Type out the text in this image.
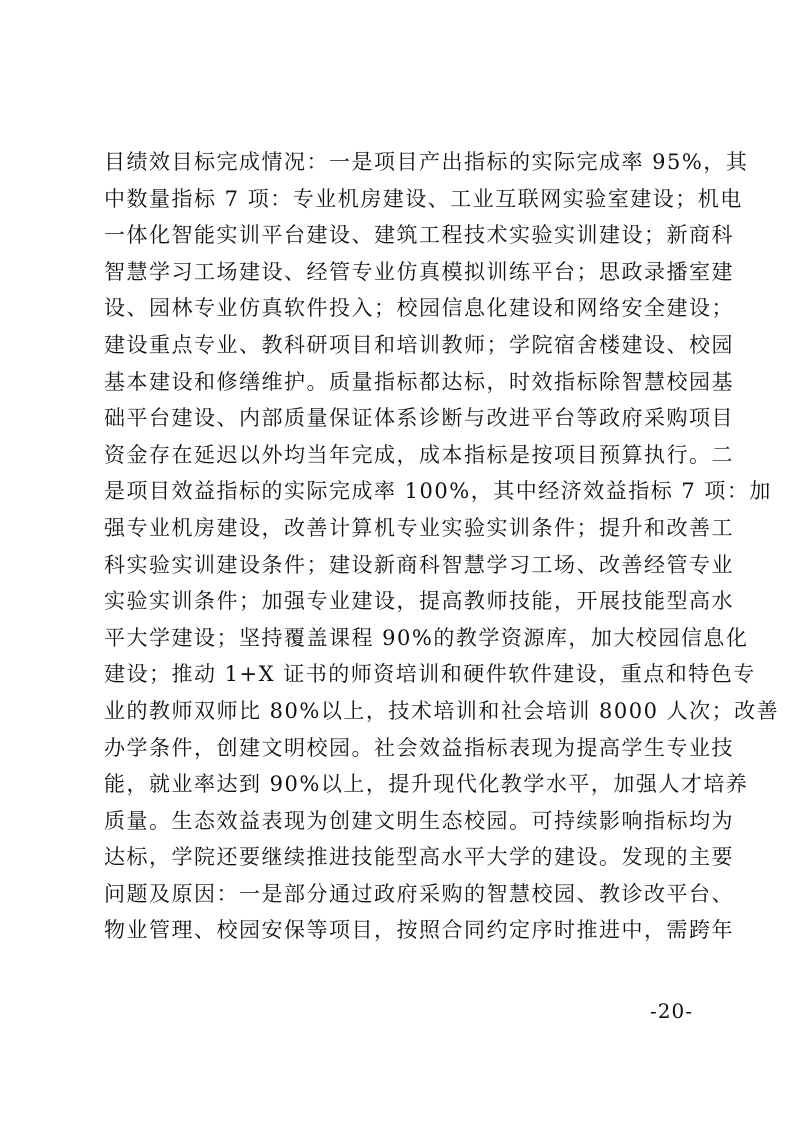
目绩效目标完成情况：一是项目产出指标的实际完成率 95%，其
中数量指标 7 项：专业机房建设、工业互联网实验室建设；机电
一体化智能实训平台建设、建筑工程技术实验实训建设；新商科
智慧学习工场建设、经管专业仿真模拟训练平台；思政录播室建
设、园林专业仿真软件投入；校园信息化建设和网络安全建设；
建设重点专业、教科研项目和培训教师；学院宿舍楼建设、校园
基本建设和修缮维护。质量指标都达标，时效指标除智慧校园基
础平台建设、内部质量保证体系诊断与改进平台等政府采购项目
资金存在延迟以外均当年完成，成本指标是按项目预算执行。二
是项目效益指标的实际完成率 100%，其中经济效益指标 7 项：加
强专业机房建设，改善计算机专业实验实训条件；提升和改善工
科实验实训建设条件；建设新商科智慧学习工场、改善经管专业
实验实训条件；加强专业建设，提高教师技能，开展技能型高水
平大学建设；坚持覆盖课程 90%的教学资源库，加大校园信息化
建设；推动 1+X 证书的师资培训和硬件软件建设，重点和特色专
业的教师双师比 80%以上，技术培训和社会培训 8000 人次；改善
办学条件，创建文明校园。社会效益指标表现为提高学生专业技
能，就业率达到 90%以上，提升现代化教学水平，加强人才培养
质量。生态效益表现为创建文明生态校园。可持续影响指标均为
达标，学院还要继续推进技能型高水平大学的建设。发现的主要
问题及原因：一是部分通过政府采购的智慧校园、教诊改平台、
物业管理、校园安保等项目，按照合同约定序时推进中，需跨年
-20-
